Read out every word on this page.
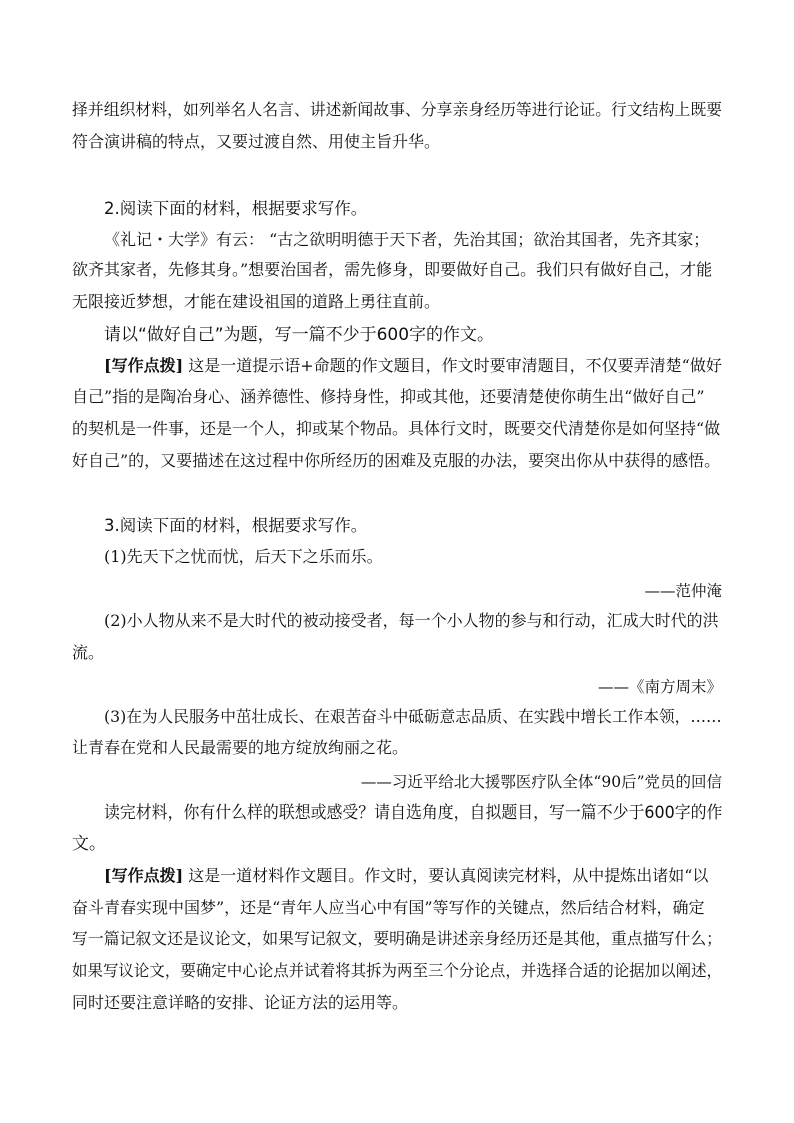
择并组织材料，如列举名人名言、讲述新闻故事、分享亲身经历等进行论证。行文结构上既要
符合演讲稿的特点，又要过渡自然、用使主旨升华。
2.阅读下面的材料，根据要求写作。
《礼记・大学》有云： “古之欲明明德于天下者，先治其国；欲治其国者，先齐其家；
欲齐其家者，先修其身。”想要治国者，需先修身，即要做好自己。我们只有做好自己，才能
无限接近梦想，才能在建设祖国的道路上勇往直前。
请以“做好自己”为题，写一篇不少于600字的作文。
[写作点拨] 这是一道提示语+命题的作文题目，作文时要审清题目，不仅要弄清楚“做好
自己”指的是陶冶身心、涵养德性、修持身性，抑或其他，还要清楚使你萌生出“做好自己”
的契机是一件事，还是一个人，抑或某个物品。具体行文时，既要交代清楚你是如何坚持“做
好自己”的，又要描述在这过程中你所经历的困难及克服的办法，要突出你从中获得的感悟。
3.阅读下面的材料，根据要求写作。
(1)先天下之忧而忧，后天下之乐而乐。
——范仲淹
(2)小人物从来不是大时代的被动接受者，每一个小人物的参与和行动，汇成大时代的洪
流。
——《南方周末》
(3)在为人民服务中茁壮成长、在艰苦奋斗中砥砺意志品质、在实践中增长工作本领，……
让青春在党和人民最需要的地方绽放绚丽之花。
——习近平给北大援鄂医疗队全体“90后”党员的回信
读完材料，你有什么样的联想或感受？请自选角度，自拟题目，写一篇不少于600字的作
文。
[写作点拨] 这是一道材料作文题目。作文时，要认真阅读完材料，从中提炼出诸如“以
奋斗青春实现中国梦”，还是“青年人应当心中有国”等写作的关键点，然后结合材料，确定
写一篇记叙文还是议论文，如果写记叙文，要明确是讲述亲身经历还是其他，重点描写什么；
如果写议论文，要确定中心论点并试着将其拆为两至三个分论点，并选择合适的论据加以阐述，
同时还要注意详略的安排、论证方法的运用等。
